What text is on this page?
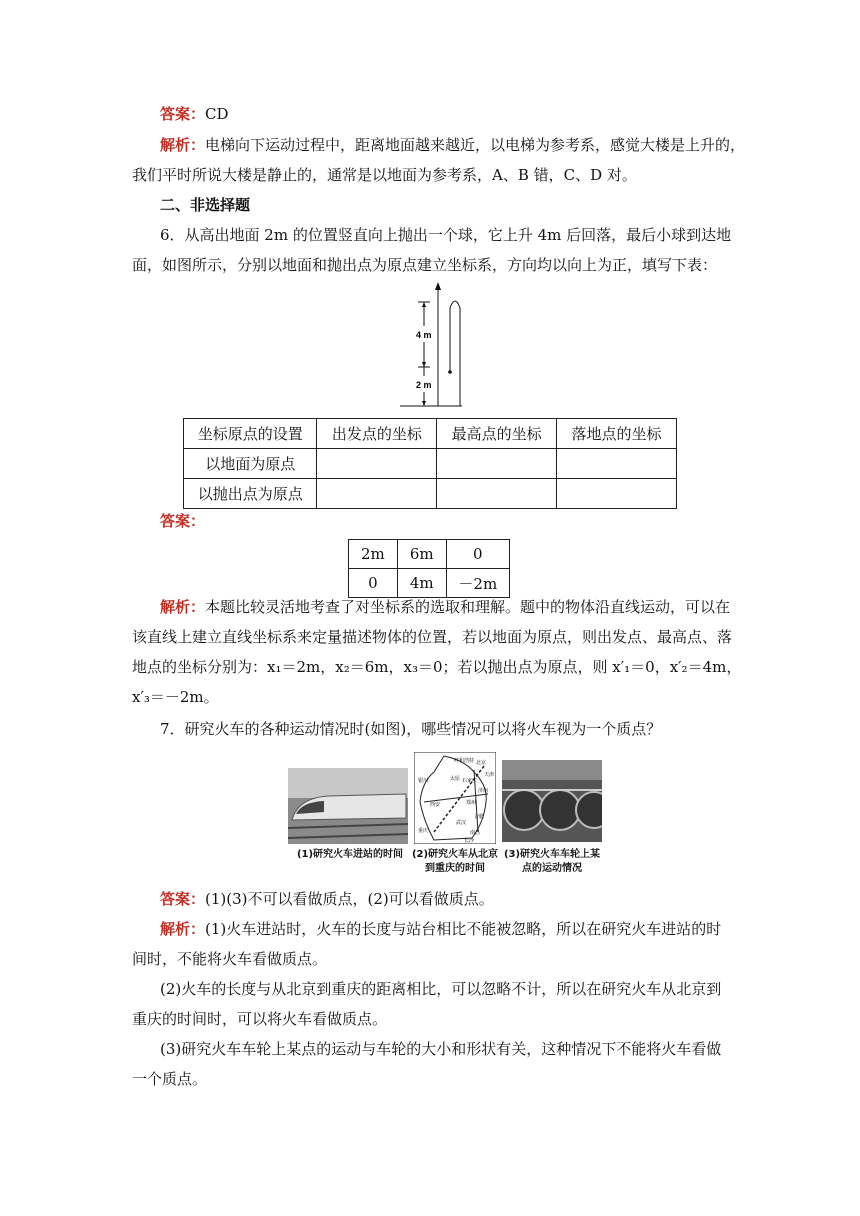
答案：CD
解析：电梯向下运动过程中，距离地面越来越近，以电梯为参考系，感觉大楼是上升的，
我们平时所说大楼是静止的，通常是以地面为参考系，A、B 错，C、D 对。
二、非选择题
6．从高出地面 2m 的位置竖直向上抛出一个球，它上升 4m 后回落，最后小球到达地
面，如图所示，分别以地面和抛出点为原点建立坐标系，方向均以向上为正，填写下表：
4 m
2 m
坐标原点的设置	出发点的坐标	最高点的坐标	落地点的坐标
以地面为原点			
以抛出点为原点			
答案：
2m	6m	0
0	4m	－2m
解析：本题比较灵活地考查了对坐标系的选取和理解。题中的物体沿直线运动，可以在
该直线上建立直线坐标系来定量描述物体的位置，若以地面为原点，则出发点、最高点、落
地点的坐标分别为：x₁＝2m，x₂＝6m，x₃＝0；若以抛出点为原点，则 x′₁＝0，x′₂＝4m，
x′₃＝－2m。
7．研究火车的各种运动情况时(如图)，哪些情况可以将火车视为一个质点？
(1)研究火车进站的时间
呼和浩特 北京
太原
天津
石家庄
济南
银川
西安	郑州
合肥
武汉
重庆	南昌
长沙
(2)研究火车从北京到重庆的时间
(3)研究火车车轮上某点的运动情况
答案：(1)(3)不可以看做质点，(2)可以看做质点。
解析：(1)火车进站时，火车的长度与站台相比不能被忽略，所以在研究火车进站的时
间时，不能将火车看做质点。
(2)火车的长度与从北京到重庆的距离相比，可以忽略不计，所以在研究火车从北京到
重庆的时间时，可以将火车看做质点。
(3)研究火车车轮上某点的运动与车轮的大小和形状有关，这种情况下不能将火车看做
一个质点。
